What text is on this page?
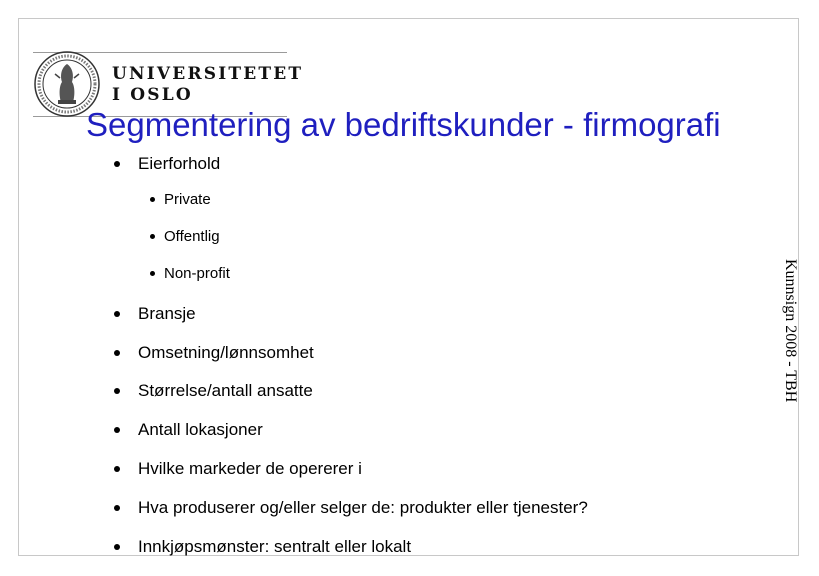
UNIVERSITETET
I OSLO
Segmentering av bedriftskunder - firmografi
Eierforhold
Private
Offentlig
Non-profit
Bransje
Omsetning/lønnsomhet
Størrelse/antall ansatte
Antall lokasjoner
Hvilke markeder de opererer i
Hva produserer og/eller selger de: produkter eller tjenester?
Innkjøpsmønster: sentralt eller lokalt
Kunnsign 2008 - TBH
